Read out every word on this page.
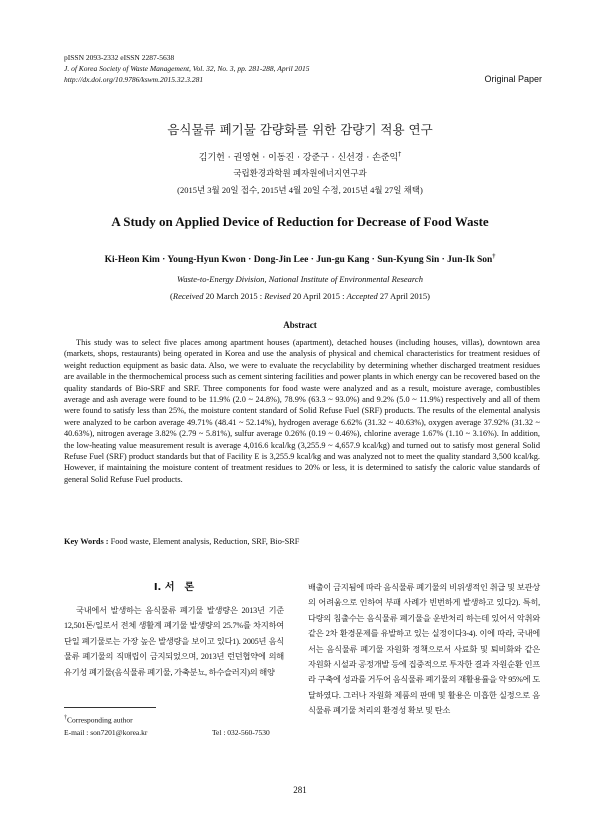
pISSN 2093-2332 eISSN 2287-5638
J. of Korea Society of Waste Management, Vol. 32, No. 3, pp. 281-288, April 2015
http://dx.doi.org/10.9786/kswm.2015.32.3.281	Original Paper
음식물류 폐기물 감량화를 위한 감량기 적용 연구
김기헌 · 권영현 · 이동진 · 강준구 · 신선경 · 손준익†
국립환경과학원 폐자원에너지연구과
(2015년 3월 20일 접수, 2015년 4월 20일 수정, 2015년 4월 27일 채택)
A Study on Applied Device of Reduction for Decrease of Food Waste
Ki-Heon Kim · Young-Hyun Kwon · Dong-Jin Lee · Jun-gu Kang · Sun-Kyung Sin · Jun-Ik Son†
Waste-to-Energy Division, National Institute of Environmental Research
(Received 20 March 2015 : Revised 20 April 2015 : Accepted 27 April 2015)
Abstract

This study was to select five places among apartment houses (apartment), detached houses (including houses, villas), downtown area (markets, shops, restaurants) being operated in Korea and use the analysis of physical and chemical characteristics for treatment residues of weight reduction equipment as basic data. Also, we were to evaluate the recyclability by determining whether discharged treatment residues are available in the thermochemical process such as cement sintering facilities and power plants in which energy can be recovered based on the quality standards of Bio-SRF and SRF. Three components for food waste were analyzed and as a result, moisture average, combustibles average and ash average were found to be 11.9% (2.0 ~ 24.8%), 78.9% (63.3 ~ 93.0%) and 9.2% (5.0 ~ 11.9%) respectively and all of them were found to satisfy less than 25%, the moisture content standard of Solid Refuse Fuel (SRF) products. The results of the elemental analysis were analyzed to be carbon average 49.71% (48.41 ~ 52.14%), hydrogen average 6.62% (31.32 ~ 40.63%), oxygen average 37.92% (31.32 ~ 40.63%), nitrogen average 3.82% (2.79 ~ 5.81%), sulfur average 0.26% (0.19 ~ 0.46%), chlorine average 1.67% (1.10 ~ 3.16%). In addition, the low-heating value measurement result is average 4,016.6 kcal/kg (3,255.9 ~ 4,657.9 kcal/kg) and turned out to satisfy most general Solid Refuse Fuel (SRF) product standards but that of Facility E is 3,255.9 kcal/kg and was analyzed not to meet the quality standard 3,500 kcal/kg. However, if maintaining the moisture content of treatment residues to 20% or less, it is determined to satisfy the caloric value standards of general Solid Refuse Fuel products.

Key Words : Food waste, Element analysis, Reduction, SRF, Bio-SRF
I. 서　론

국내에서 발생하는 음식물류 폐기물 발생량은 2013년 기준 12,501톤/일로서 전체 생활계 폐기물 발생량의 25.7%를 차지하여 단일 폐기물로는 가장 높은 발생량을 보이고 있다1). 2005년 음식물류 폐기물의 직매립이 금지되었으며, 2013년 런던협약에 의해 유기성 폐기물(음식물류 폐기물, 가축분뇨, 하수슬러지)의 해양

배출이 금지됨에 따라 음식물류 폐기물의 비위생적인 취급 및 보관상의 어려움으로 인하여 부패 사례가 빈번하게 발생하고 있다2). 특히, 다량의 침출수는 음식물류 폐기물을 운반처리 하는데 있어서 악취와 같은 2차 환경문제를 유발하고 있는 실정이다3-4). 이에 따라, 국내에서는 음식물류 폐기물 자원화 정책으로서 사료화 및 퇴비화와 같은 자원화 시설과 공정개발 등에 집중적으로 투자한 결과 자원순환 인프라 구축에 성과를 거두어 음식물류 폐기물의 재활용률을 약 95%에 도달하였다. 그러나 자원화 제품의 판매 및 활용은 미흡한 실정으로 음식물류 폐기물 처리의 환경성 확보 및 탄소

†Corresponding author
E-mail : son7201@korea.kr	Tel : 032-560-7530
281
